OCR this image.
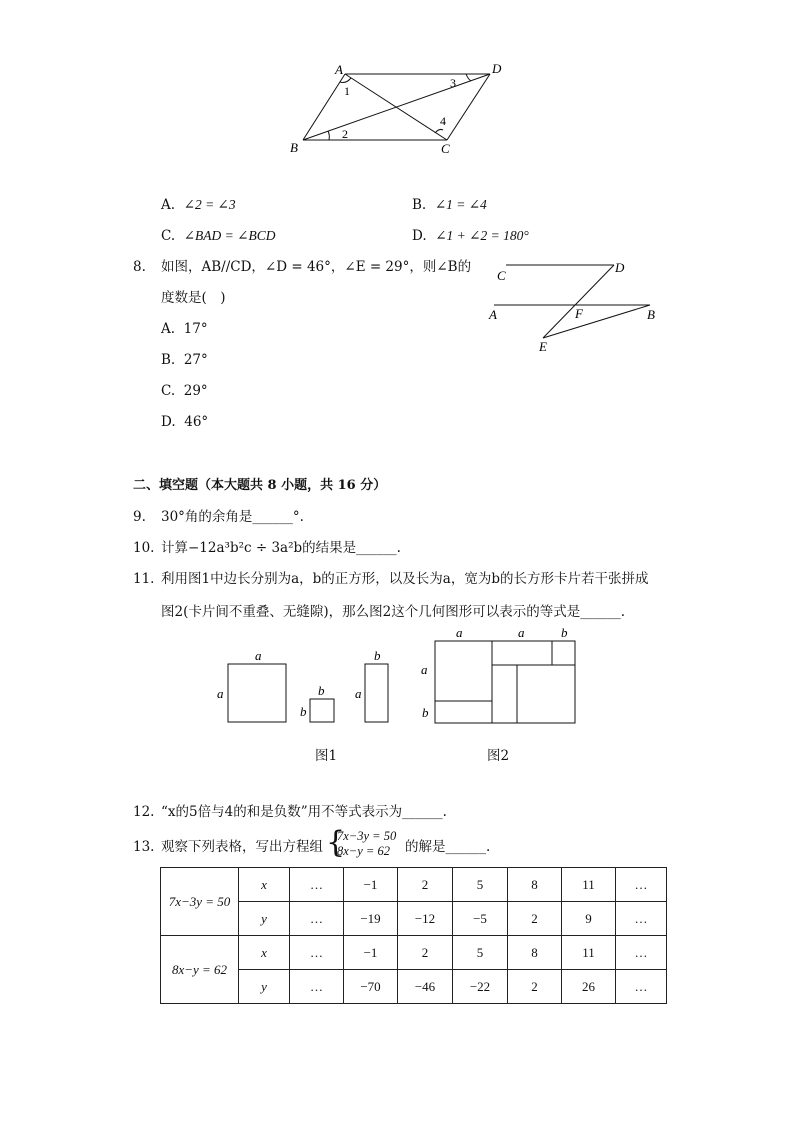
A	D
B	C
1
2
3
4
A. ∠2 = ∠3	B. ∠1 = ∠4
C. ∠BAD = ∠BCD	D. ∠1 + ∠2 = 180°
8. 如图，AB//CD，∠D = 46°，∠E = 29°，则∠B的
度数是(　)
A. 17°
B. 27°
C. 29°
D. 46°
C
D
A	F	B
E
二、填空题（本大题共 8 小题，共 16 分）
9. 30°角的余角是______°.
10. 计算−12a³b²c ÷ 3a²b的结果是______.
11. 利用图1中边长分别为a，b的正方形，以及长为a，宽为b的长方形卡片若干张拼成
图2(卡片间不重叠、无缝隙)，那么图2这个几何图形可以表示的等式是______.
a
a	b
b
b
a
a	a	b
a
b
图1	图2
12. “x的5倍与4的和是负数”用不等式表示为______.
13. 观察下列表格，写出方程组 {
7x−3y = 50
8x−y = 62 的解是______.
7x−3y = 50	x	…	−1	2	5	8	11	…
	y	…	−19	−12	−5	2	9	…
8x−y = 62	x	…	−1	2	5	8	11	…
	y	…	−70	−46	−22	2	26	…
